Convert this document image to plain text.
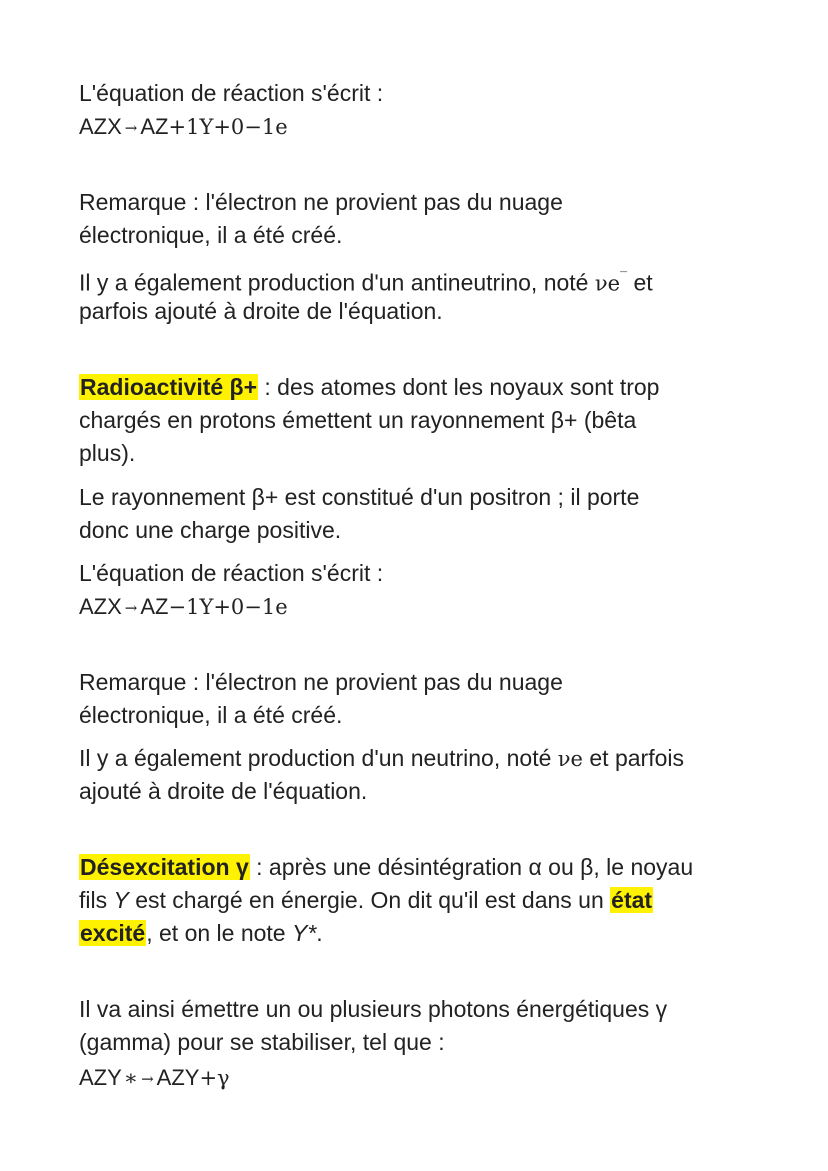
L'équation de réaction s'écrit :
AZX → AZ+1Y+0−1e
Remarque : l'électron ne provient pas du nuage
électronique, il a été créé.
Il y a également production d'un antineutrino, noté νe‾ et
parfois ajouté à droite de l'équation.
Radioactivité β+ : des atomes dont les noyaux sont trop
chargés en protons émettent un rayonnement β+ (bêta
plus).
Le rayonnement β+ est constitué d'un positron ; il porte
donc une charge positive.
L'équation de réaction s'écrit :
AZX → AZ−1Y+0−1e
Remarque : l'électron ne provient pas du nuage
électronique, il a été créé.
Il y a également production d'un neutrino, noté νe et parfois
ajouté à droite de l'équation.
Désexcitation γ : après une désintégration α ou β, le noyau
fils Y est chargé en énergie. On dit qu'il est dans un état
excité, et on le note Y*.
Il va ainsi émettre un ou plusieurs photons énergétiques γ
(gamma) pour se stabiliser, tel que :
AZY∗ → AZY+γ
